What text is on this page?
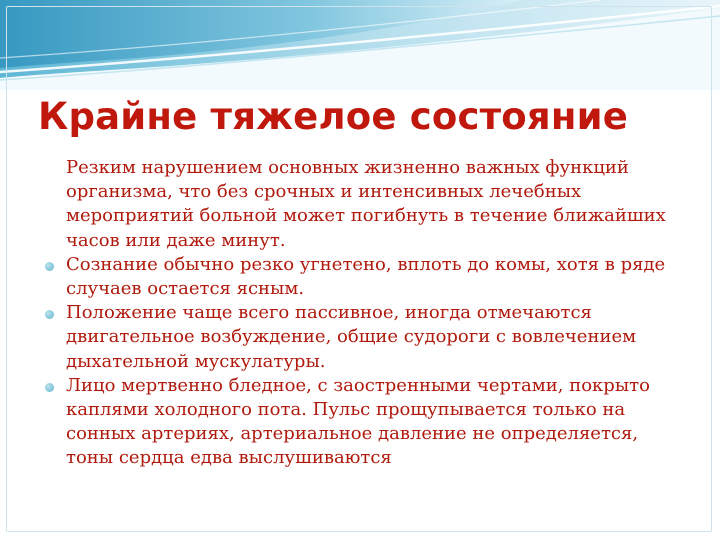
Крайне тяжелое состояние
Резким нарушением основных жизненно важных функций организма, что без срочных и интенсивных лечебных мероприятий больной может погибнуть в течение ближайших часов или даже минут.
Сознание обычно резко угнетено, вплоть до комы, хотя в ряде случаев остается ясным.
Положение чаще всего пассивное, иногда отмечаются двигательное возбуждение, общие судороги с вовлечением дыхательной мускулатуры.
Лицо мертвенно бледное, с заостренными чертами, покрыто каплями холодного пота. Пульс прощупывается только на сонных артериях, артериальное давление не определяется, тоны сердца едва выслушиваются
